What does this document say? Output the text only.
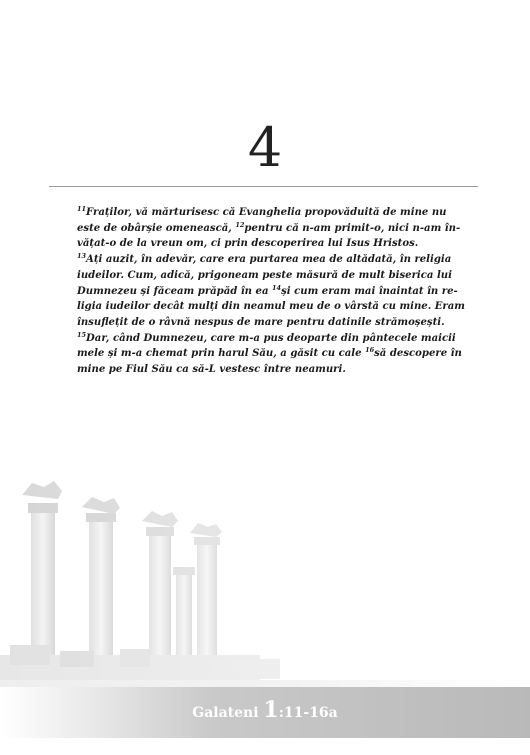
4
$^{11}$Fraților, vă mărturisesc că Evanghelia propovăduită de mine nu
este de obârșie omenească, $^{12}$pentru că n-am primit-o, nici n-am în-
vățat-o de la vreun om, ci prin descoperirea lui Isus Hristos.
$^{13}$Ați auzit, în adevăr, care era purtarea mea de altădată, în religia
iudeilor. Cum, adică, prigoneam peste măsură de mult biserica lui
Dumnezeu și făceam prăpăd în ea $^{14}$și cum eram mai înaintat în re-
ligia iudeilor decât mulți din neamul meu de o vârstă cu mine. Eram
însuflețit de o râvnă nespus de mare pentru datinile strămoșești.
$^{15}$Dar, când Dumnezeu, care m-a pus deoparte din pântecele maicii
mele și m-a chemat prin harul Său, a găsit cu cale $^{16}$să descopere în
mine pe Fiul Său ca să-L vestesc între neamuri.
Galateni 1:11-16a
